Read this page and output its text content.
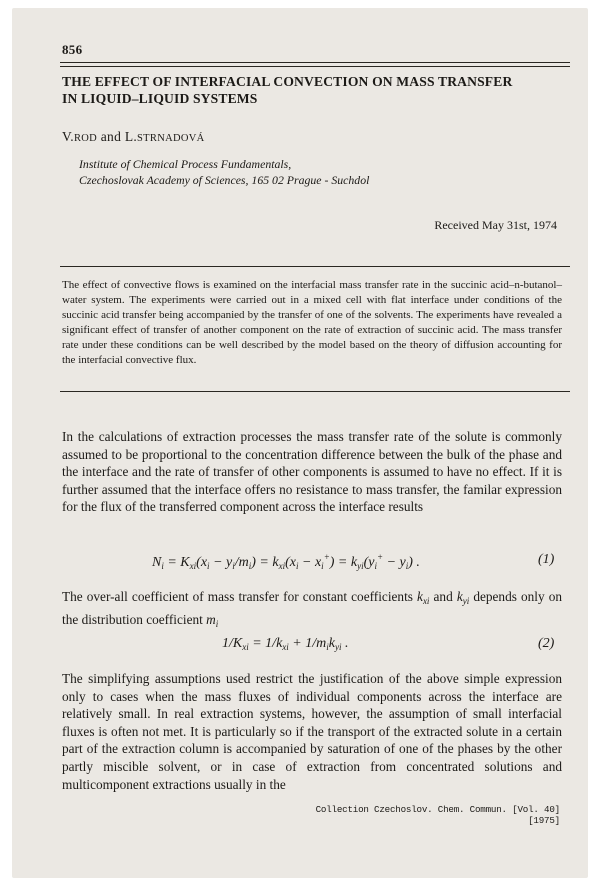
856
THE EFFECT OF INTERFACIAL CONVECTION ON MASS TRANSFER
IN LIQUID–LIQUID SYSTEMS
V.ROD and L.STRNADOVÁ
Institute of Chemical Process Fundamentals,
Czechoslovak Academy of Sciences, 165 02 Prague - Suchdol
Received May 31st, 1974
The effect of convective flows is examined on the interfacial mass transfer rate in the succinic acid–n-butanol–water system. The experiments were carried out in a mixed cell with flat interface under conditions of the succinic acid transfer being accompanied by the transfer of one of the solvents. The experiments have revealed a significant effect of transfer of another component on the rate of extraction of succinic acid. The mass transfer rate under these conditions can be well described by the model based on the theory of diffusion accounting for the interfacial convective flux.
In the calculations of extraction processes the mass transfer rate of the solute is commonly assumed to be proportional to the concentration difference between the bulk of the phase and the interface and the rate of transfer of other components is assumed to have no effect. If it is further assumed that the interface offers no resistance to mass transfer, the familar expression for the flux of the transferred component across the interface results
$N_i = K_{xi}(x_i - y_i/m_i) = k_{xi}(x_i - x_i^+) = k_{yi}(y_i^+ - y_i)$ .	(1)
The over-all coefficient of mass transfer for constant coefficients $k_{xi}$ and $k_{yi}$ depends only on the distribution coefficient $m_i$
$1/K_{xi} = 1/k_{xi} + 1/m_ik_{yi}$ .	(2)
The simplifying assumptions used restrict the justification of the above simple expression only to cases when the mass fluxes of individual components across the interface are relatively small. In real extraction systems, however, the assumption of small interfacial fluxes is often not met. It is particularly so if the transport of the extracted solute in a certain part of the extraction column is accompanied by saturation of one of the phases by the other partly miscible solvent, or in case of extraction from concentrated solutions and multicomponent extractions usually in the
Collection Czechoslov. Chem. Commun. [Vol. 40] [1975]
